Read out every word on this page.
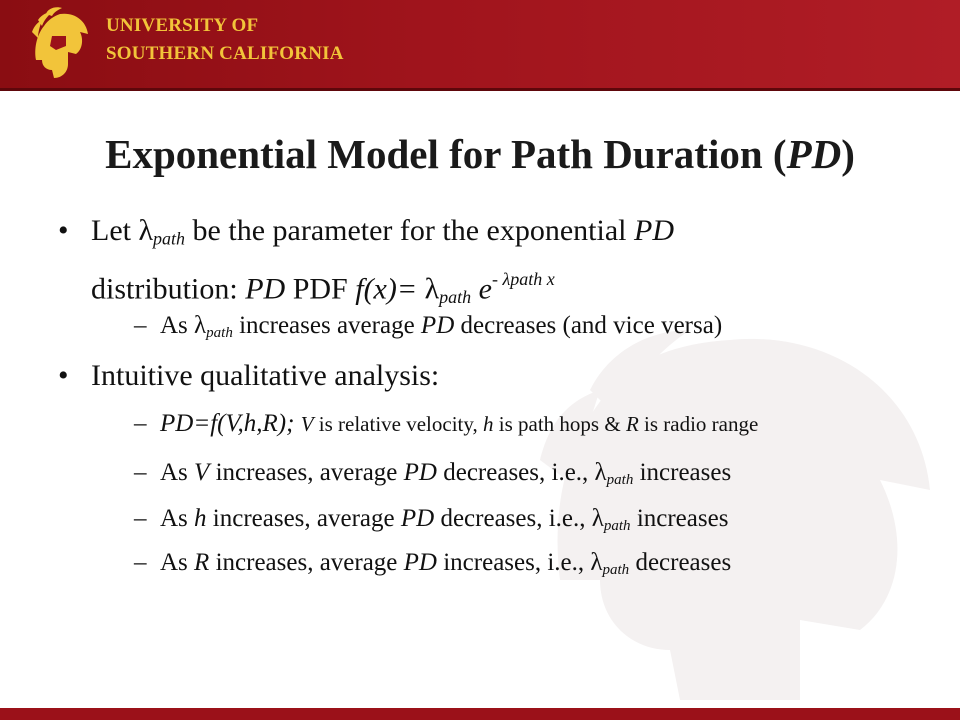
UNIVERSITY OF
SOUTHERN CALIFORNIA
Exponential Model for Path Duration (PD)
• Let $\lambda_{path}$ be the parameter for the exponential PD
distribution: PD PDF $f(x)= \lambda_{path}$ $e^{- \lambda path x}$
– As $\lambda_{path}$ increases average PD decreases (and vice versa)
• Intuitive qualitative analysis:
– PD=f(V,h,R); V is relative velocity, h is path hops & R is radio range
– As V increases, average PD decreases, i.e., $\lambda_{path}$ increases
– As h increases, average PD decreases, i.e., $\lambda_{path}$ increases
– As R increases, average PD increases, i.e., $\lambda_{path}$ decreases
